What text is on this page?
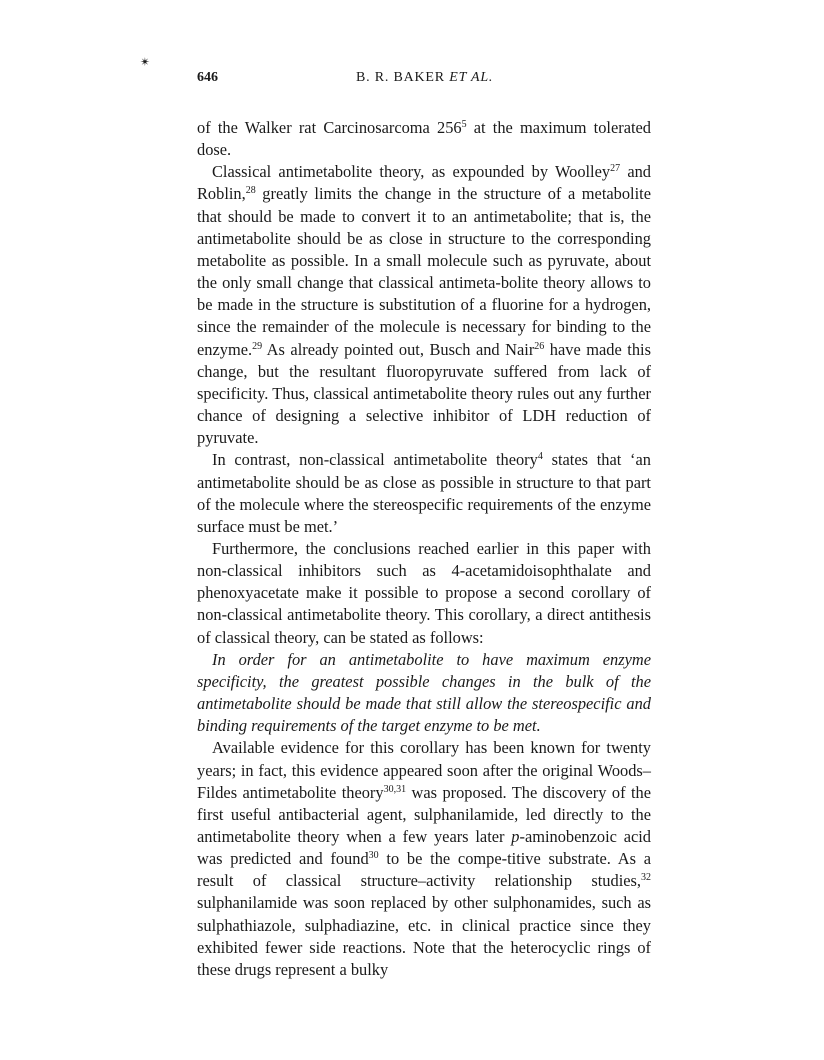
✴
646	B. R. BAKER ET AL.

of the Walker rat Carcinosarcoma $256^5$ at the maximum tolerated dose.

Classical antimetabolite theory, as expounded by Woolley$^{27}$ and Roblin,$^{28}$ greatly limits the change in the structure of a metabolite that should be made to convert it to an antimetabolite; that is, the antimetabolite should be as close in structure to the corresponding metabolite as possible. In a small molecule such as pyruvate, about the only small change that classical antimeta-bolite theory allows to be made in the structure is substitution of a fluorine for a hydrogen, since the remainder of the molecule is necessary for binding to the enzyme.$^{29}$ As already pointed out, Busch and Nair$^{26}$ have made this change, but the resultant fluoropyruvate suffered from lack of specificity. Thus, classical antimetabolite theory rules out any further chance of designing a selective inhibitor of LDH reduction of pyruvate.

In contrast, non-classical antimetabolite theory$^4$ states that ‘an antimetabolite should be as close as possible in structure to that part of the molecule where the stereospecific requirements of the enzyme surface must be met.’

Furthermore, the conclusions reached earlier in this paper with non-classical inhibitors such as 4-acetamidoisophthalate and phenoxyacetate make it possible to propose a second corollary of non-classical antimetabolite theory. This corollary, a direct antithesis of classical theory, can be stated as follows:

In order for an antimetabolite to have maximum enzyme specificity, the greatest possible changes in the bulk of the antimetabolite should be made that still allow the stereospecific and binding requirements of the target enzyme to be met.

Available evidence for this corollary has been known for twenty years; in fact, this evidence appeared soon after the original Woods–Fildes antimetabolite theory$^{30,31}$ was proposed. The discovery of the first useful antibacterial agent, sulphanilamide, led directly to the antimetabolite theory when a few years later p-aminobenzoic acid was predicted and found$^{30}$ to be the compe-titive substrate. As a result of classical structure–activity relationship studies,$^{32}$ sulphanilamide was soon replaced by other sulphonamides, such as sulphathiazole, sulphadiazine, etc. in clinical practice since they exhibited fewer side reactions. Note that the heterocyclic rings of these drugs represent a bulky
